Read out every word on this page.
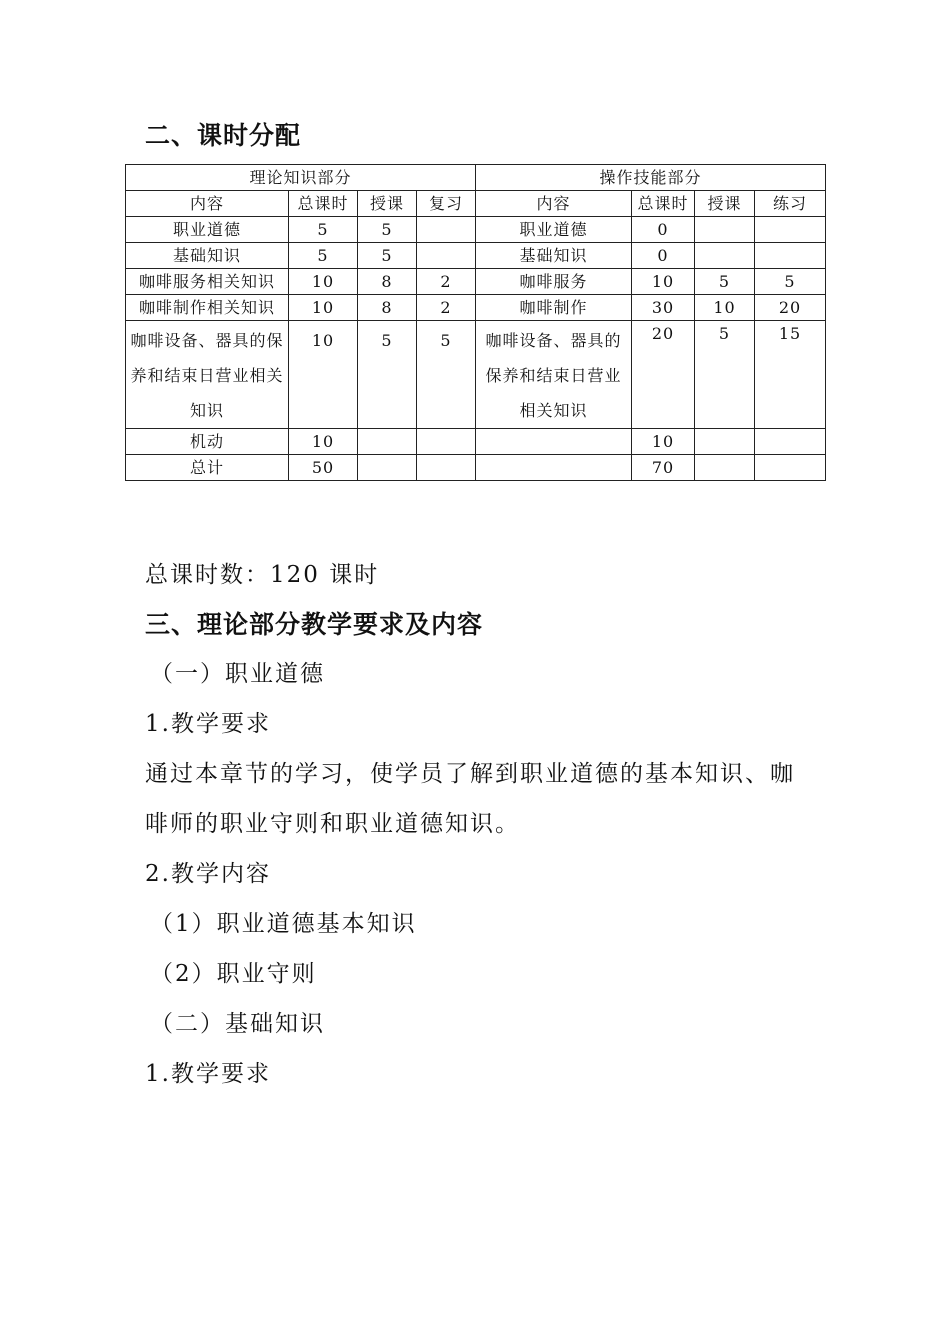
二、课时分配
理论知识部分				操作技能部分			
内容	总课时	授课	复习	内容	总课时	授课	练习
职业道德	5	5		职业道德	0		
基础知识	5	5		基础知识	0		
咖啡服务相关知识	10	8	2	咖啡服务	10	5	5
咖啡制作相关知识	10	8	2	咖啡制作	30	10	20
咖啡设备、器具的保养和结束日营业相关知识	10	5	5	咖啡设备、器具的保养和结束日营业相关知识	20	5	15
机动	10				10		
总计	50				70		
总课时数：120 课时
三、理论部分教学要求及内容
（一）职业道德
1.教学要求
通过本章节的学习，使学员了解到职业道德的基本知识、咖
啡师的职业守则和职业道德知识。
2.教学内容
（1）职业道德基本知识
（2）职业守则
（二）基础知识
1.教学要求
